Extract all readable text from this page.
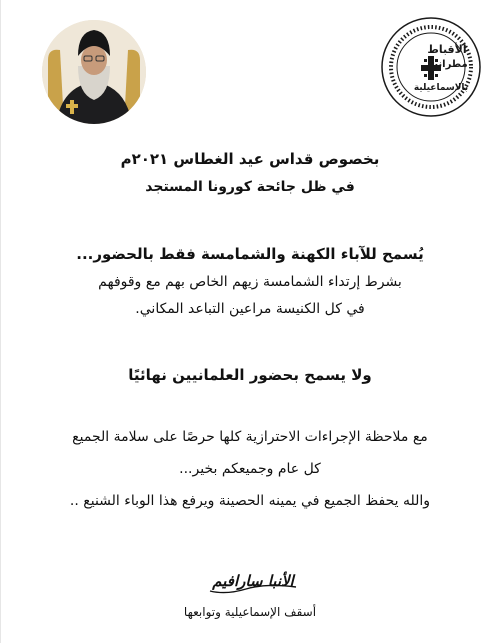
الأقباط
مطرانية
بالاسماعيلية
بخصوص قداس عيد الغطاس ٢٠٢١م
في ظل جائحة كورونا المستجد
يُسمح للآباء الكهنة والشمامسة فقط بالحضور...
بشرط إرتداء الشمامسة زيهم الخاص بهم مع وقوفهم
في كل الكنيسة مراعين التباعد المكاني.
ولا يسمح بحضور العلمانيين نهائيًا
مع ملاحظة الإجراءات الاحترازية كلها حرصًا على سلامة الجميع
كل عام وجميعكم بخير...
والله يحفظ الجميع في يمينه الحصينة ويرفع هذا الوباء الشنيع ..
الأنبا سارافيم
أسقف الإسماعيلية وتوابعها
